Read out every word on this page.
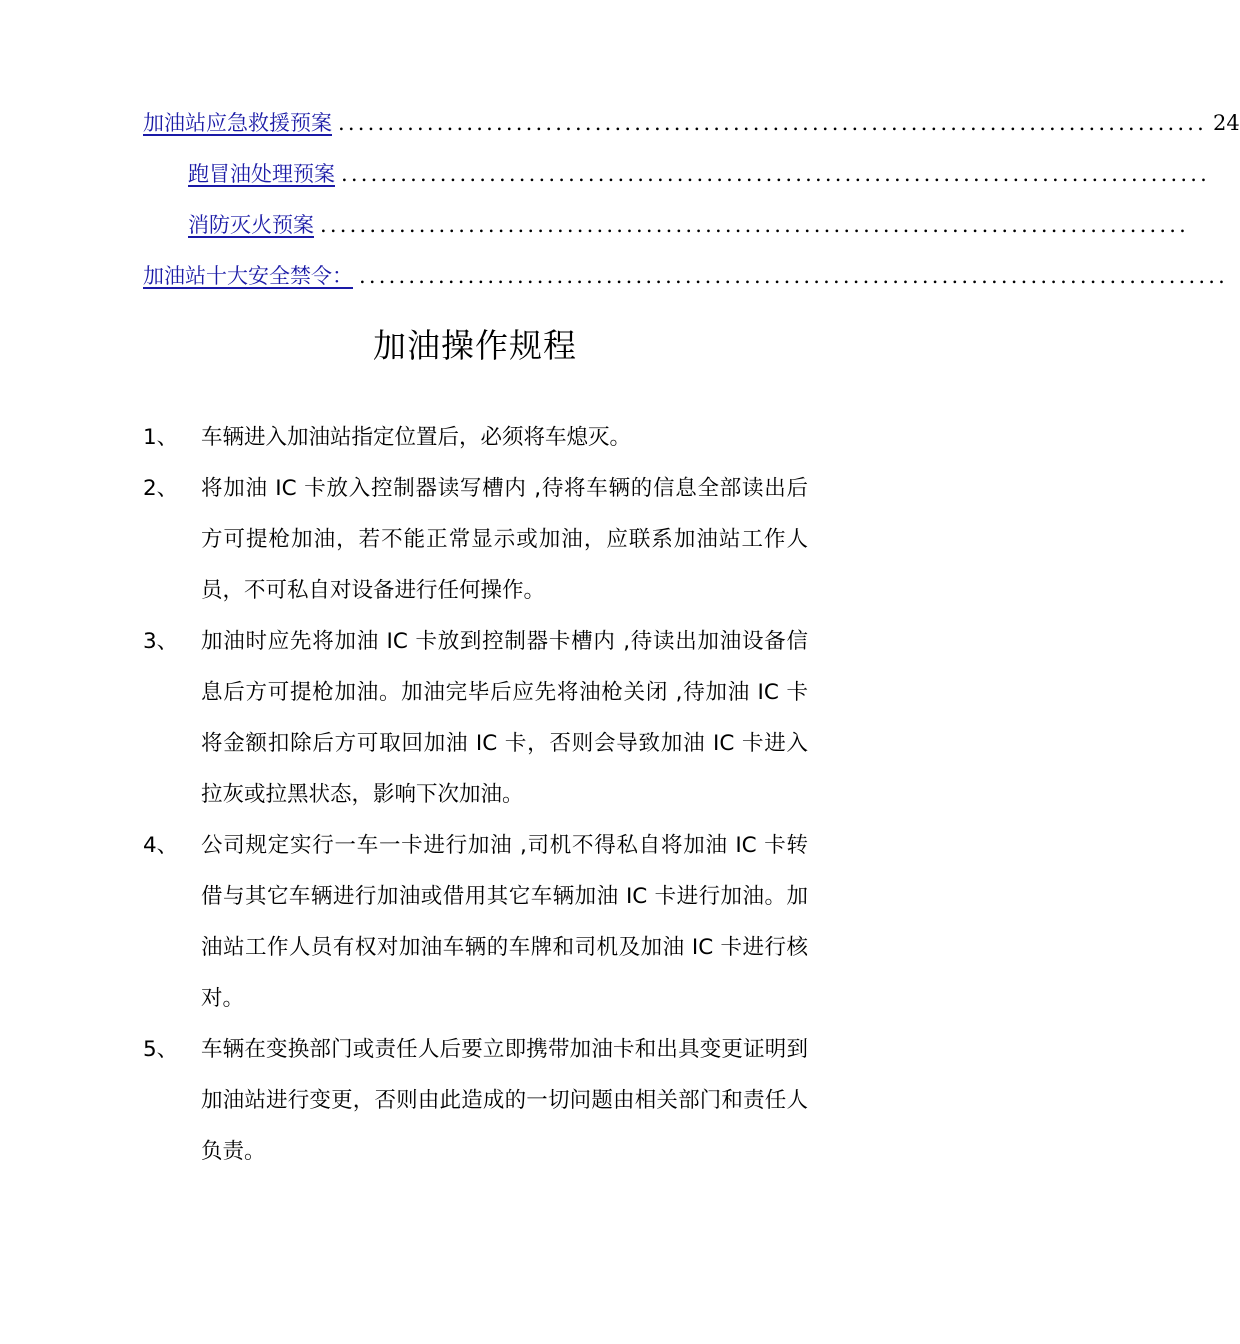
加油站应急救援预案 ........................................................................................ 24
跑冒油处理预案 ........................................................................................
消防灭火预案 ........................................................................................
加油站十大安全禁令： ........................................................................................
加油操作规程
1、	车辆进入加油站指定位置后，必须将车熄灭。
2、	将加油 IC 卡放入控制器读写槽内 ,待将车辆的信息全部读出后方可提枪加油，若不能正常显示或加油，应联系加油站工作人员，不可私自对设备进行任何操作。
3、	加油时应先将加油 IC 卡放到控制器卡槽内 ,待读出加油设备信息后方可提枪加油。加油完毕后应先将油枪关闭 ,待加油 IC 卡将金额扣除后方可取回加油 IC 卡，否则会导致加油 IC 卡进入拉灰或拉黑状态，影响下次加油。
4、	公司规定实行一车一卡进行加油 ,司机不得私自将加油 IC 卡转借与其它车辆进行加油或借用其它车辆加油 IC 卡进行加油。加油站工作人员有权对加油车辆的车牌和司机及加油 IC 卡进行核对。
5、	车辆在变换部门或责任人后要立即携带加油卡和出具变更证明到加油站进行变更，否则由此造成的一切问题由相关部门和责任人负责。
